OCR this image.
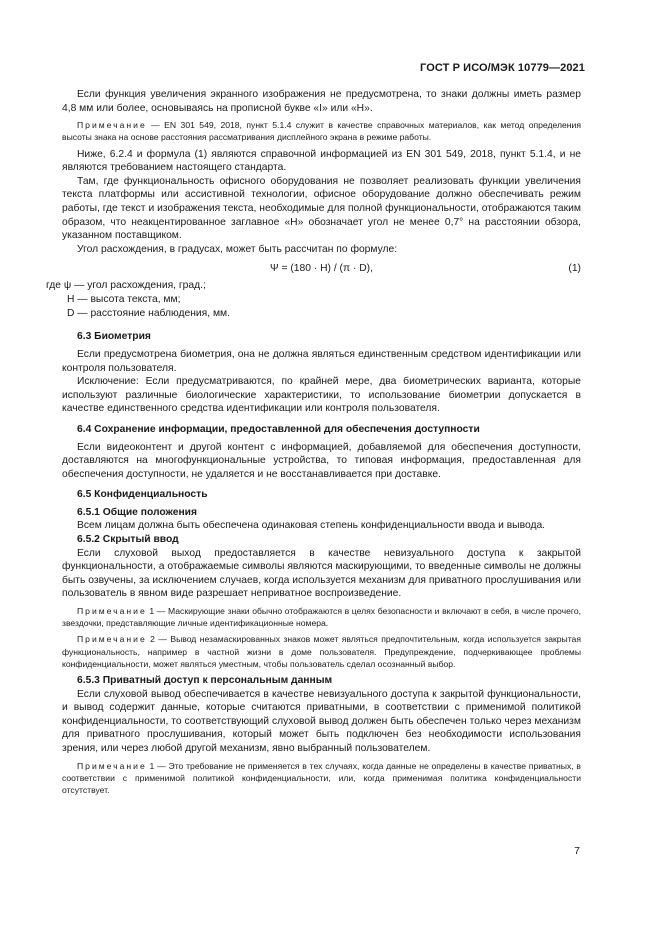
ГОСТ Р ИСО/МЭК 10779—2021

Если функция увеличения экранного изображения не предусмотрена, то знаки должны иметь размер 4,8 мм или более, основываясь на прописной букве «I» или «H».

Примечание — EN 301 549, 2018, пункт 5.1.4 служит в качестве справочных материалов, как метод определения высоты знака на основе расстояния рассматривания дисплейного экрана в режиме работы.

Ниже, 6.2.4 и формула (1) являются справочной информацией из EN 301 549, 2018, пункт 5.1.4, и не являются требованием настоящего стандарта.

Там, где функциональность офисного оборудования не позволяет реализовать функции увеличения текста платформы или ассистивной технологии, офисное оборудование должно обеспечивать режим работы, где текст и изображения текста, необходимые для полной функциональности, отображаются таким образом, что неакцентированное заглавное «H» обозначает угол не менее 0,7° на расстоянии обзора, указанном поставщиком.

Угол расхождения, в градусах, может быть рассчитан по формуле:

Ψ = (180 · H) / (π · D),	(1)

где ψ — угол расхождения, град.;

H — высота текста, мм;

D — расстояние наблюдения, мм.

6.3 Биометрия

Если предусмотрена биометрия, она не должна являться единственным средством идентификации или контроля пользователя.

Исключение: Если предусматриваются, по крайней мере, два биометрических варианта, которые используют различные биологические характеристики, то использование биометрии допускается в качестве единственного средства идентификации или контроля пользователя.

6.4 Сохранение информации, предоставленной для обеспечения доступности

Если видеоконтент и другой контент с информацией, добавляемой для обеспечения доступности, доставляются на многофункциональные устройства, то типовая информация, предоставленная для обеспечения доступности, не удаляется и не восстанавливается при доставке.

6.5 Конфиденциальность

6.5.1 Общие положения

Всем лицам должна быть обеспечена одинаковая степень конфиденциальности ввода и вывода.

6.5.2 Скрытый ввод

Если слуховой выход предоставляется в качестве невизуального доступа к закрытой функциональности, а отображаемые символы являются маскирующими, то введенные символы не должны быть озвучены, за исключением случаев, когда используется механизм для приватного прослушивания или пользователь в явном виде разрешает неприватное воспроизведение.

Примечание 1 — Маскирующие знаки обычно отображаются в целях безопасности и включают в себя, в числе прочего, звездочки, представляющие личные идентификационные номера.

Примечание 2 — Вывод незамаскированных знаков может являться предпочтительным, когда используется закрытая функциональность, например в частной жизни в доме пользователя. Предупреждение, подчеркивающее проблемы конфиденциальности, может являться уместным, чтобы пользователь сделал осознанный выбор.

6.5.3 Приватный доступ к персональным данным

Если слуховой вывод обеспечивается в качестве невизуального доступа к закрытой функциональности, и вывод содержит данные, которые считаются приватными, в соответствии с применимой политикой конфиденциальности, то соответствующий слуховой вывод должен быть обеспечен только через механизм для приватного прослушивания, который может быть подключен без необходимости использования зрения, или через любой другой механизм, явно выбранный пользователем.

Примечание 1 — Это требование не применяется в тех случаях, когда данные не определены в качестве приватных, в соответствии с применимой политикой конфиденциальности, или, когда применимая политика конфиденциальности отсутствует.

7
